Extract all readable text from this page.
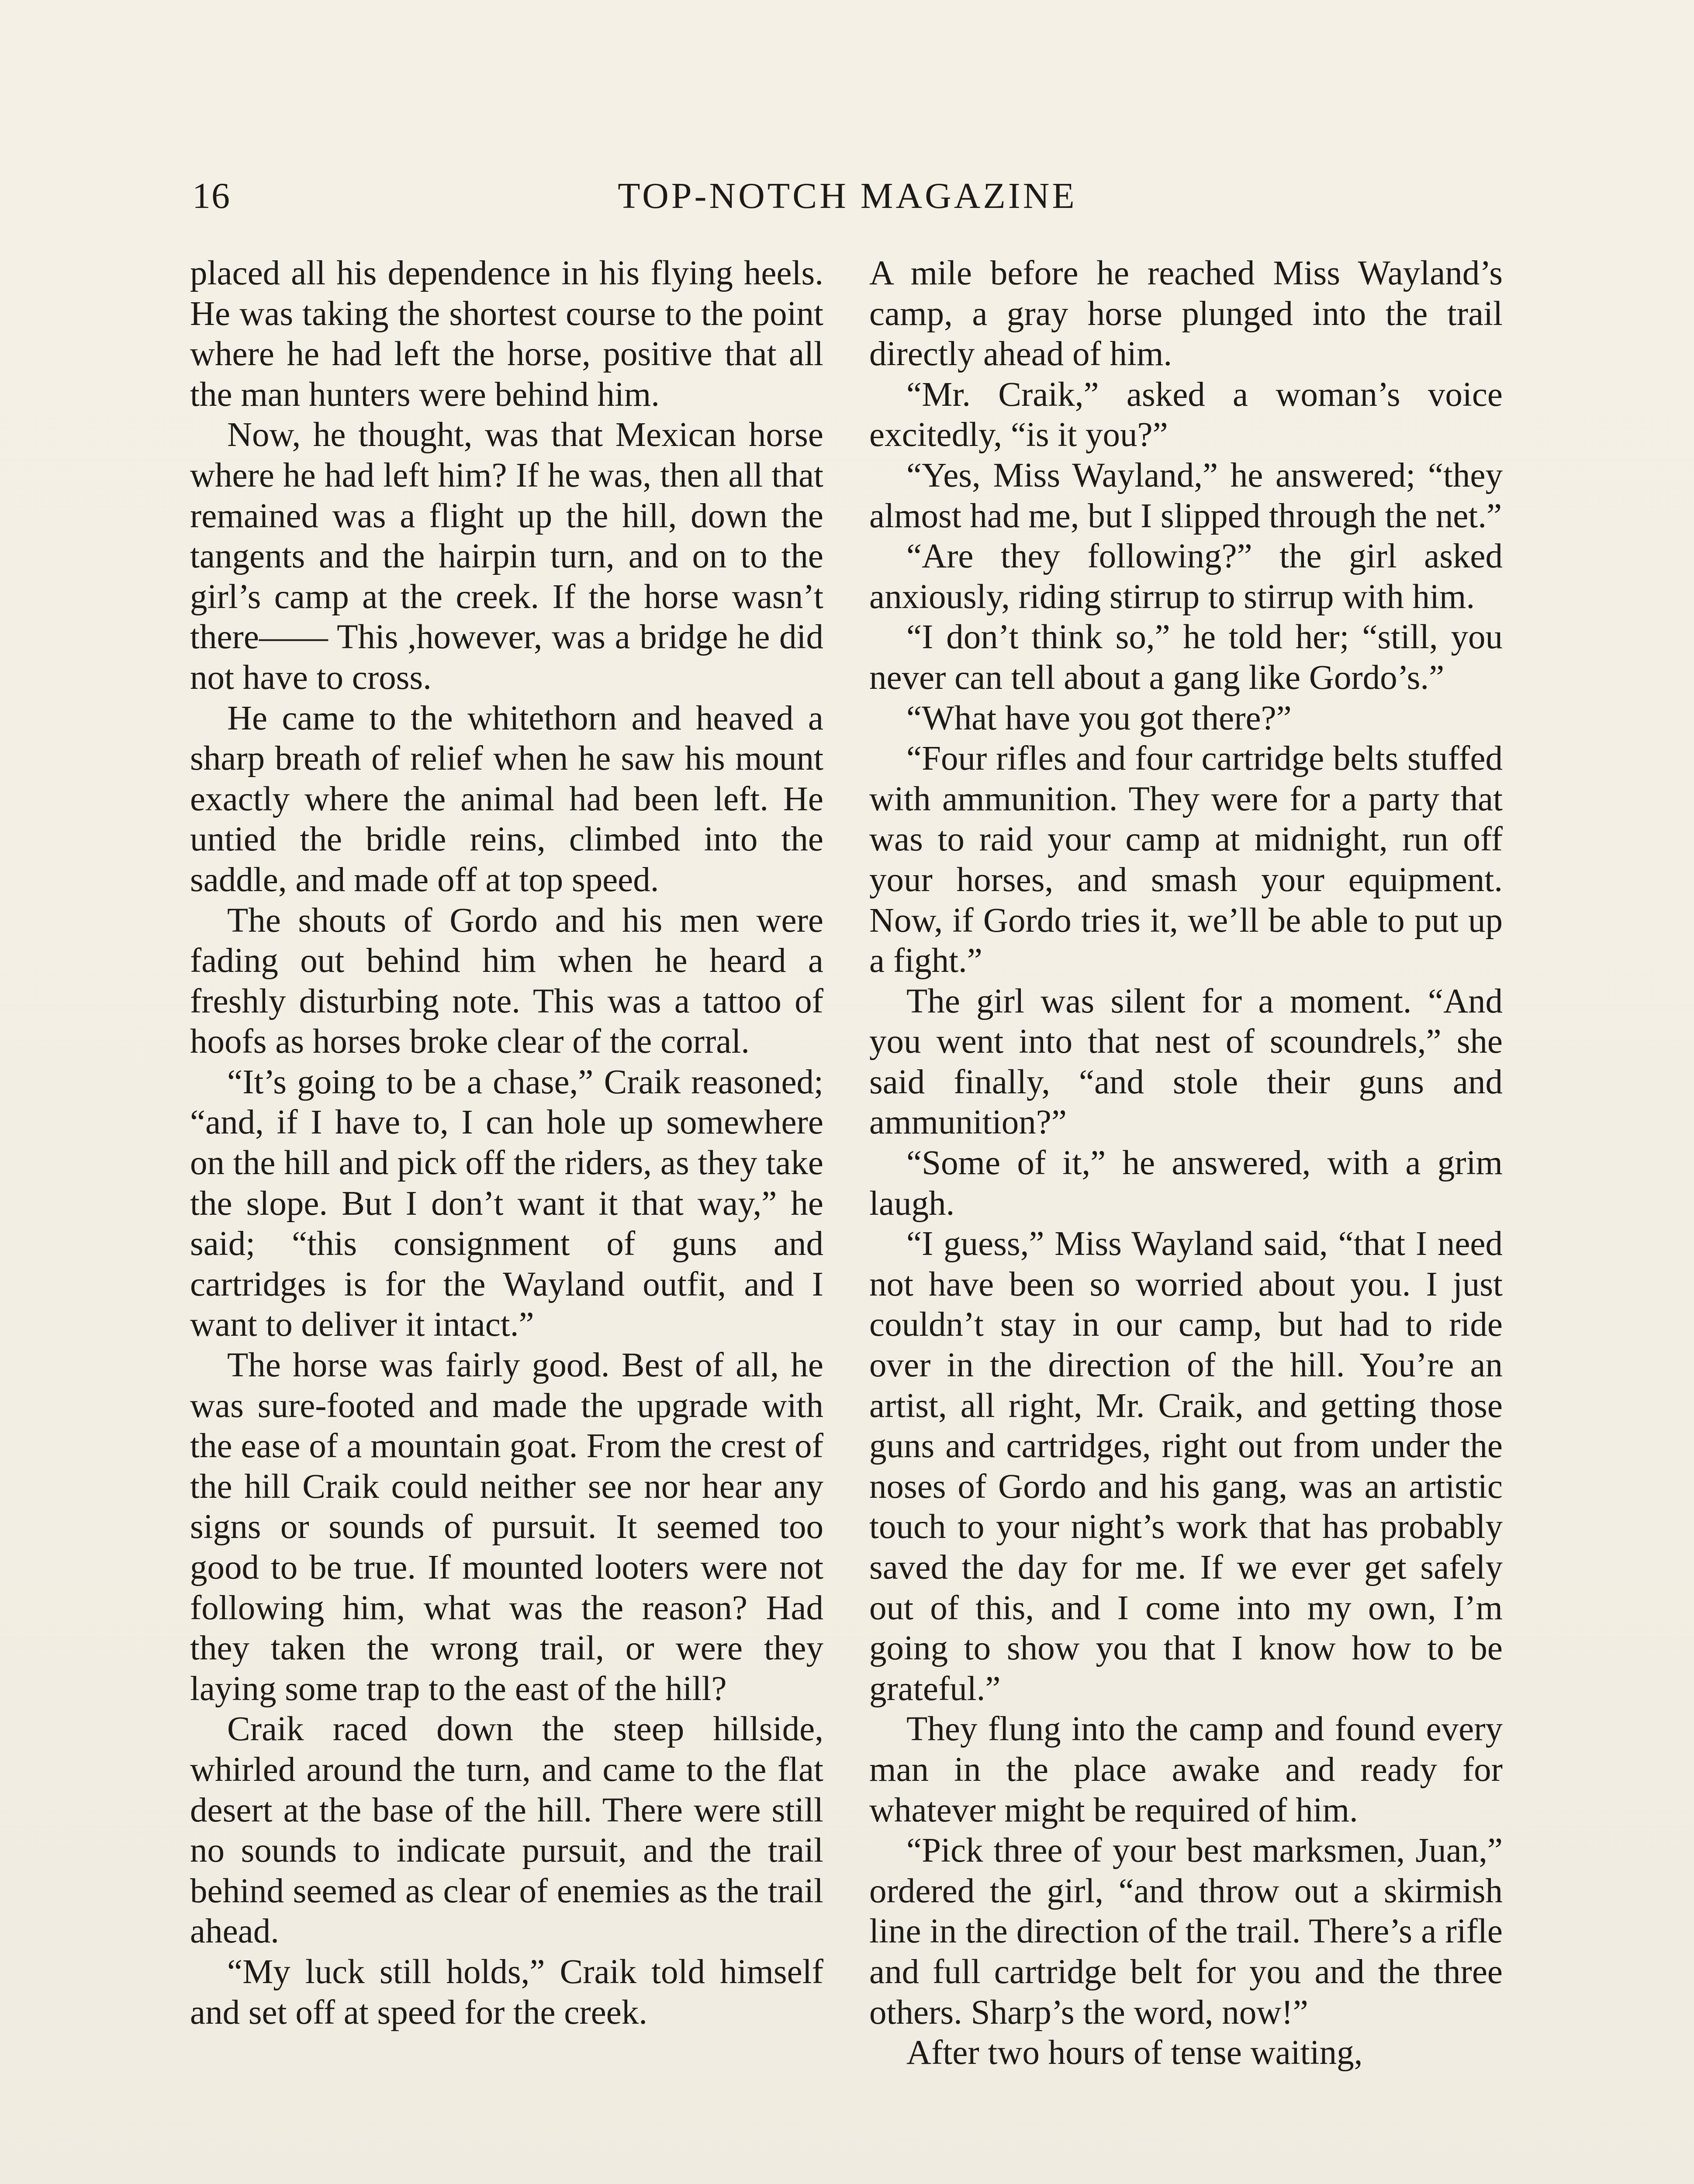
16	TOP-NOTCH MAGAZINE

placed all his dependence in his flying heels. He was taking the shortest course to the point where he had left the horse, positive that all the man hunters were behind him.

Now, he thought, was that Mexican horse where he had left him? If he was, then all that remained was a flight up the hill, down the tangents and the hairpin turn, and on to the girl’s camp at the creek. If the horse wasn’t there—— This ,however, was a bridge he did not have to cross.

He came to the whitethorn and heaved a sharp breath of relief when he saw his mount exactly where the animal had been left. He untied the bridle reins, climbed into the saddle, and made off at top speed.

The shouts of Gordo and his men were fading out behind him when he heard a freshly disturbing note. This was a tattoo of hoofs as horses broke clear of the corral.

“It’s going to be a chase,” Craik reasoned; “and, if I have to, I can hole up somewhere on the hill and pick off the riders, as they take the slope. But I don’t want it that way,” he said; “this consignment of guns and cartridges is for the Wayland outfit, and I want to deliver it intact.”

The horse was fairly good. Best of all, he was sure-footed and made the upgrade with the ease of a mountain goat. From the crest of the hill Craik could neither see nor hear any signs or sounds of pursuit. It seemed too good to be true. If mounted looters were not following him, what was the reason? Had they taken the wrong trail, or were they laying some trap to the east of the hill?

Craik raced down the steep hillside, whirled around the turn, and came to the flat desert at the base of the hill. There were still no sounds to indicate pursuit, and the trail behind seemed as clear of enemies as the trail ahead.

“My luck still holds,” Craik told himself and set off at speed for the creek.

A mile before he reached Miss Wayland’s camp, a gray horse plunged into the trail directly ahead of him.

“Mr. Craik,” asked a woman’s voice excitedly, “is it you?”

“Yes, Miss Wayland,” he answered; “they almost had me, but I slipped through the net.”

“Are they following?” the girl asked anxiously, riding stirrup to stirrup with him.

“I don’t think so,” he told her; “still, you never can tell about a gang like Gordo’s.”

“What have you got there?”

“Four rifles and four cartridge belts stuffed with ammunition. They were for a party that was to raid your camp at midnight, run off your horses, and smash your equipment. Now, if Gordo tries it, we’ll be able to put up a fight.”

The girl was silent for a moment. “And you went into that nest of scoundrels,” she said finally, “and stole their guns and ammunition?”

“Some of it,” he answered, with a grim laugh.

“I guess,” Miss Wayland said, “that I need not have been so worried about you. I just couldn’t stay in our camp, but had to ride over in the direction of the hill. You’re an artist, all right, Mr. Craik, and getting those guns and cartridges, right out from under the noses of Gordo and his gang, was an artistic touch to your night’s work that has probably saved the day for me. If we ever get safely out of this, and I come into my own, I’m going to show you that I know how to be grateful.”

They flung into the camp and found every man in the place awake and ready for whatever might be required of him.

“Pick three of your best marksmen, Juan,” ordered the girl, “and throw out a skirmish line in the direction of the trail. There’s a rifle and full cartridge belt for you and the three others. Sharp’s the word, now!”

After two hours of tense waiting,
